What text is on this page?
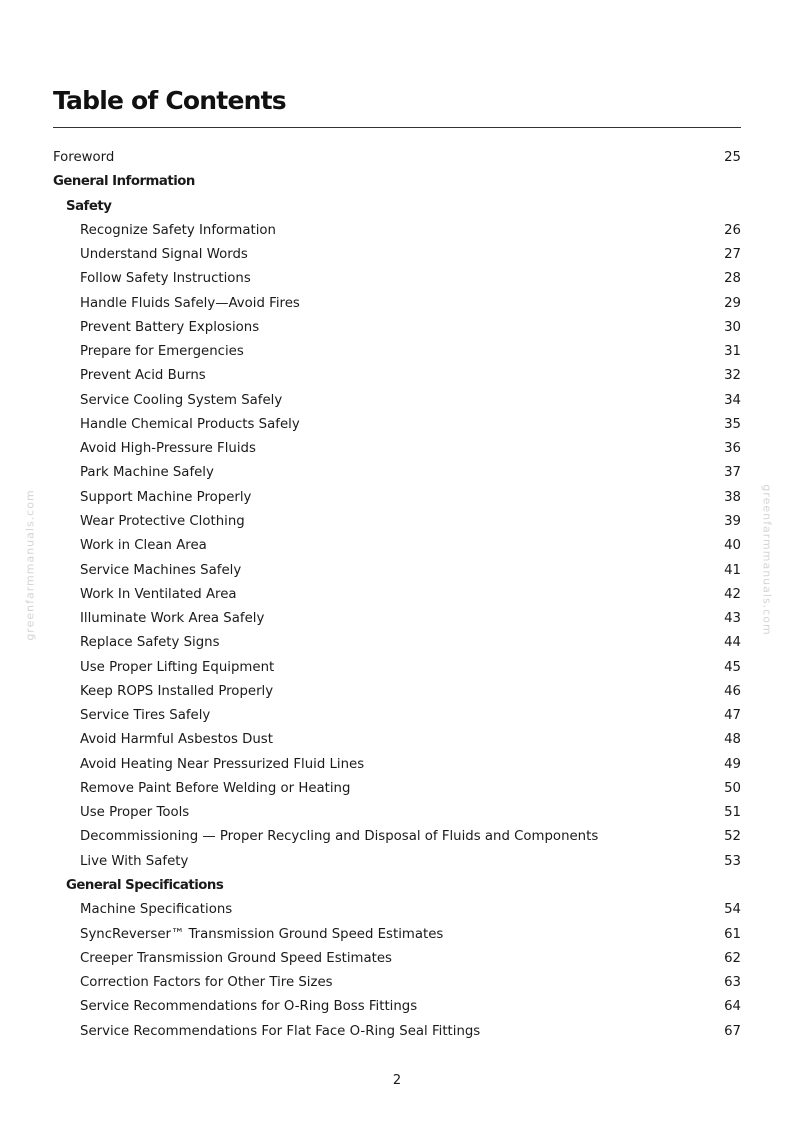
Table of Contents
Foreword	25
General Information
Safety
Recognize Safety Information	26
Understand Signal Words	27
Follow Safety Instructions	28
Handle Fluids Safely—Avoid Fires	29
Prevent Battery Explosions	30
Prepare for Emergencies	31
Prevent Acid Burns	32
Service Cooling System Safely	34
Handle Chemical Products Safely	35
Avoid High-Pressure Fluids	36
Park Machine Safely	37
Support Machine Properly	38
Wear Protective Clothing	39
Work in Clean Area	40
Service Machines Safely	41
Work In Ventilated Area	42
Illuminate Work Area Safely	43
Replace Safety Signs	44
Use Proper Lifting Equipment	45
Keep ROPS Installed Properly	46
Service Tires Safely	47
Avoid Harmful Asbestos Dust	48
Avoid Heating Near Pressurized Fluid Lines	49
Remove Paint Before Welding or Heating	50
Use Proper Tools	51
Decommissioning — Proper Recycling and Disposal of Fluids and Components	52
Live With Safety	53
General Specifications
Machine Specifications	54
SyncReverser™ Transmission Ground Speed Estimates	61
Creeper Transmission Ground Speed Estimates	62
Correction Factors for Other Tire Sizes	63
Service Recommendations for O-Ring Boss Fittings	64
Service Recommendations For Flat Face O-Ring Seal Fittings	67
greenfarmmanuals.com	greenfarmmanuals.com
2
